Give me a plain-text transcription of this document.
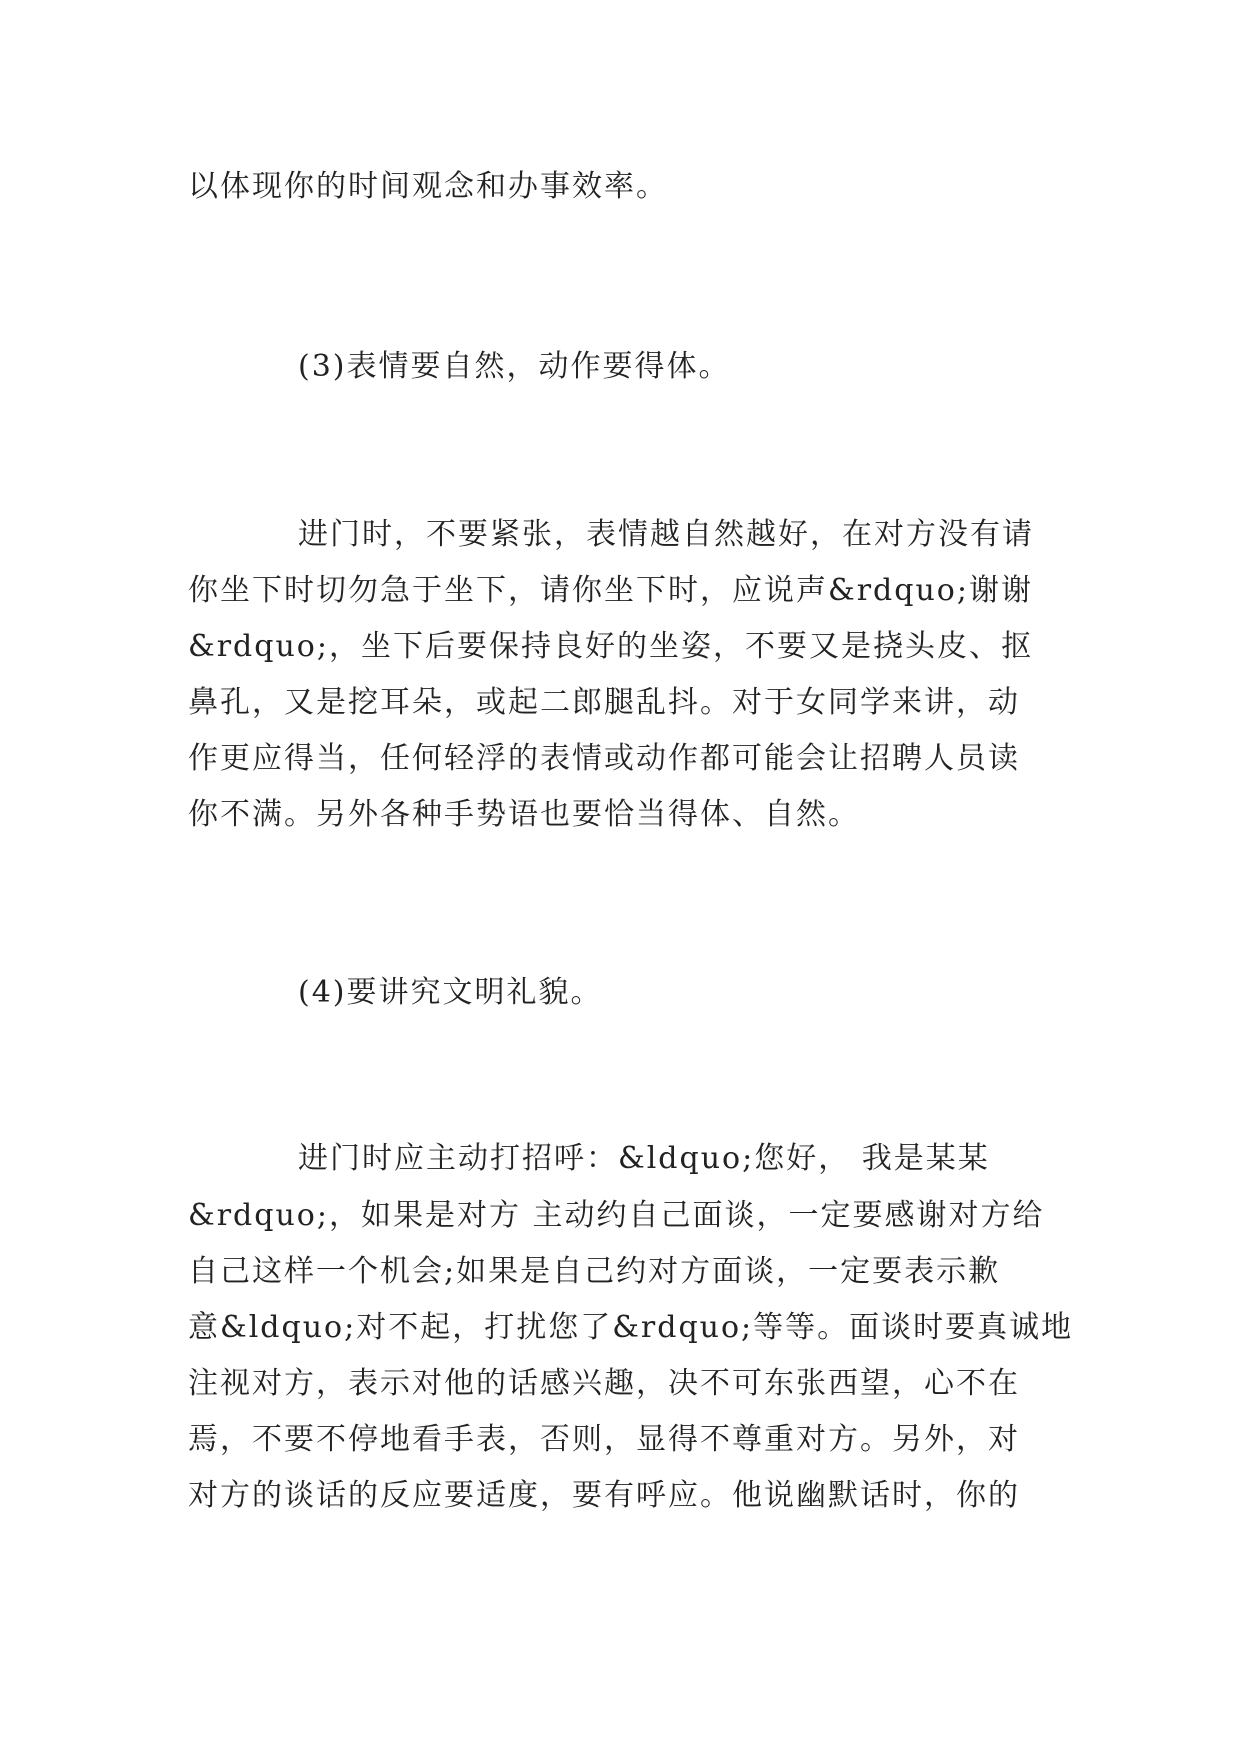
以体现你的时间观念和办事效率。
(3)表情要自然，动作要得体。
进门时，不要紧张，表情越自然越好，在对方没有请
你坐下时切勿急于坐下，请你坐下时，应说声&rdquo;谢谢
&rdquo;，坐下后要保持良好的坐姿，不要又是挠头皮、抠
鼻孔，又是挖耳朵，或起二郎腿乱抖。对于女同学来讲，动
作更应得当，任何轻浮的表情或动作都可能会让招聘人员读
你不满。另外各种手势语也要恰当得体、自然。
(4)要讲究文明礼貌。
进门时应主动打招呼：&ldquo;您好， 我是某某
&rdquo;，如果是对方 主动约自己面谈，一定要感谢对方给
自己这样一个机会;如果是自己约对方面谈，一定要表示歉
意&ldquo;对不起，打扰您了&rdquo;等等。面谈时要真诚地
注视对方，表示对他的话感兴趣，决不可东张西望，心不在
焉，不要不停地看手表，否则，显得不尊重对方。另外，对
对方的谈话的反应要适度，要有呼应。他说幽默话时，你的
